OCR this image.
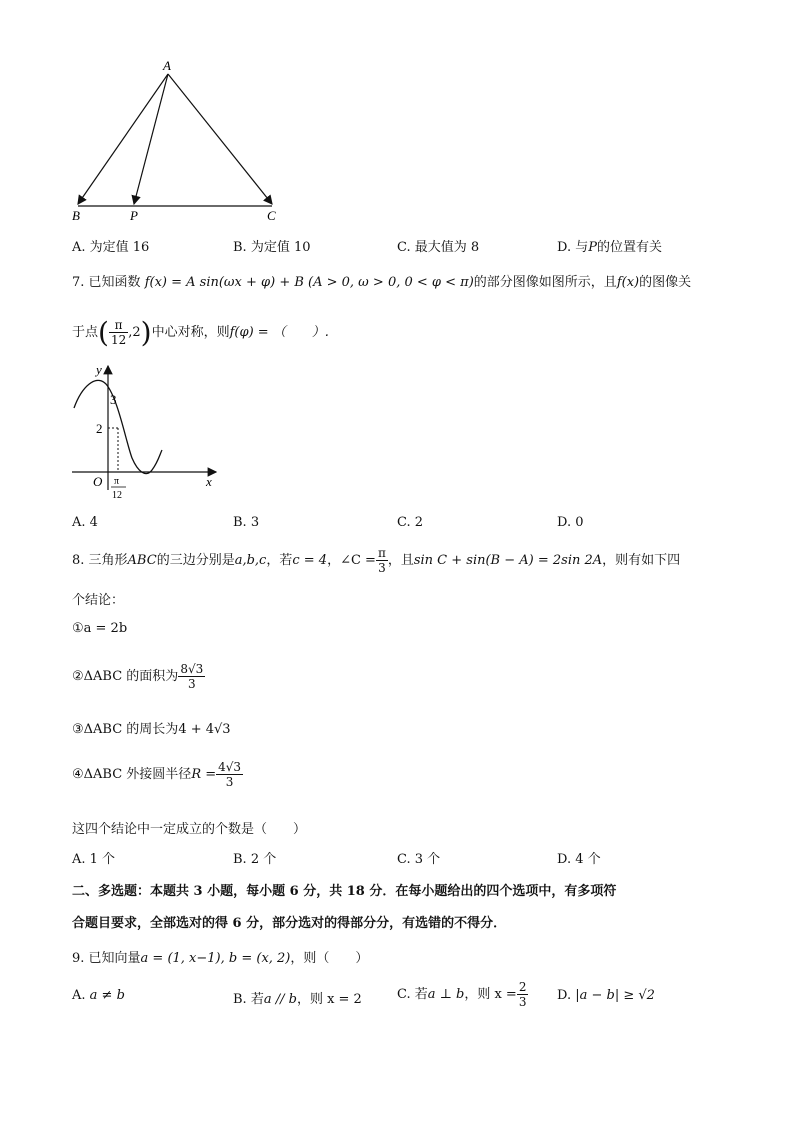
A
B	P	C
A. 为定值 16	B. 为定值 10	C. 最大值为 8	D. 与P的位置有关
7. 已知函数 f(x) = A sin(ωx + φ) + B (A > 0, ω > 0, 0 < φ < π)的部分图像如图所示，且f(x)的图像关
于点( $\frac{\pi}{12} ,2$)中心对称，则f(φ) = （　　）.
y
x
O
3
2
π
12
A. 4	B. 3	C. 2	D. 0
8. 三角形ABC的三边分别是a,b,c，若c = 4，∠C = $\frac{\pi}{3}$ ，且sin C + sin(B − A) = 2sin 2A，则有如下四
个结论：
①a = 2b
②ΔABC 的面积为 $\frac{8√3}{3}$
③ΔABC 的周长为4 + 4√3
④ΔABC 外接圆半径$R = \frac{4√3}{3}$
这四个结论中一定成立的个数是（　　）
A. 1 个	B. 2 个	C. 3 个	D. 4 个
二、多选题：本题共 3 小题，每小题 6 分，共 18 分．在每小题给出的四个选项中，有多项符
合题目要求，全部选对的得 6 分，部分选对的得部分分，有选错的不得分．
9. 已知向量a = (1, x−1), b = (x, 2)，则（　　）
A. a ≠ b	B. 若a // b，则 x = 2	C. 若a ⊥ b，则 $x = \frac{2}{3} D$. |a − b| ≥ √2
